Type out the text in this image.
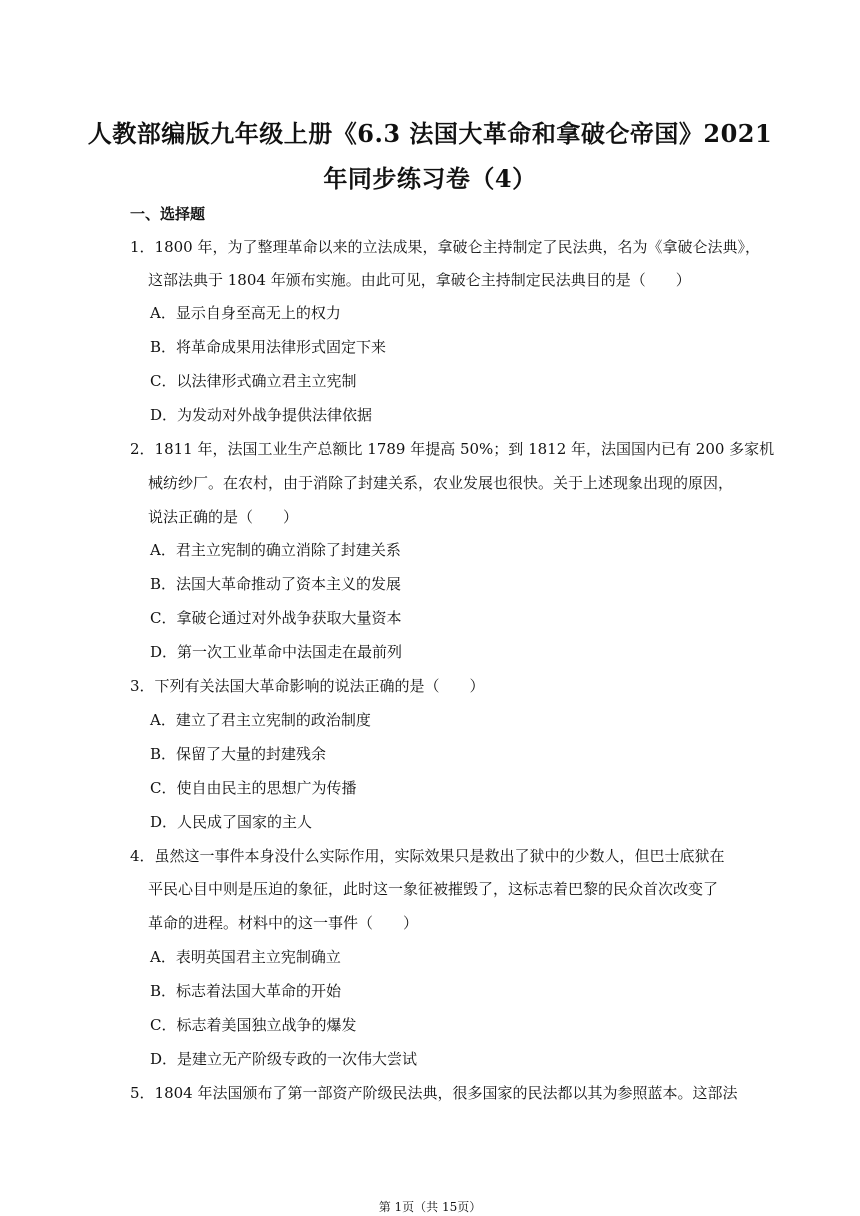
人教部编版九年级上册《6.3 法国大革命和拿破仑帝国》2021
年同步练习卷（4）
一、选择题
1．1800 年，为了整理革命以来的立法成果，拿破仑主持制定了民法典，名为《拿破仑法典》，
这部法典于 1804 年颁布实施。由此可见，拿破仑主持制定民法典目的是（　　）
A．显示自身至高无上的权力
B．将革命成果用法律形式固定下来
C．以法律形式确立君主立宪制
D．为发动对外战争提供法律依据
2．1811 年，法国工业生产总额比 1789 年提高 50%；到 1812 年，法国国内已有 200 多家机
械纺纱厂。在农村，由于消除了封建关系，农业发展也很快。关于上述现象出现的原因，
说法正确的是（　　）
A．君主立宪制的确立消除了封建关系
B．法国大革命推动了资本主义的发展
C．拿破仑通过对外战争获取大量资本
D．第一次工业革命中法国走在最前列
3．下列有关法国大革命影响的说法正确的是（　　）
A．建立了君主立宪制的政治制度
B．保留了大量的封建残余
C．使自由民主的思想广为传播
D．人民成了国家的主人
4．虽然这一事件本身没什么实际作用，实际效果只是救出了狱中的少数人，但巴士底狱在
平民心目中则是压迫的象征，此时这一象征被摧毁了，这标志着巴黎的民众首次改变了
革命的进程。材料中的这一事件（　　）
A．表明英国君主立宪制确立
B．标志着法国大革命的开始
C．标志着美国独立战争的爆发
D．是建立无产阶级专政的一次伟大尝试
5．1804 年法国颁布了第一部资产阶级民法典，很多国家的民法都以其为参照蓝本。这部法
第 1页（共 15页）
